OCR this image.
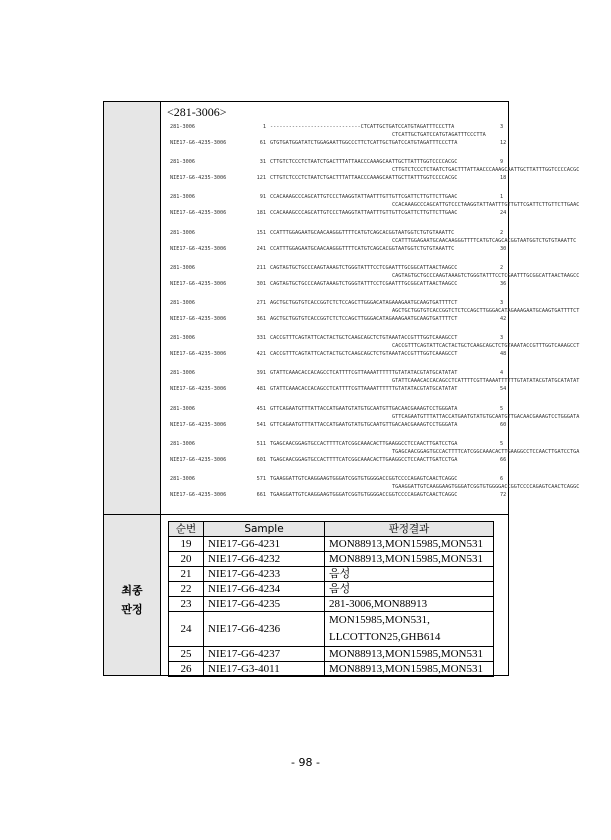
최종
판정
<281-3006>
281-3006	1 -----------------------------CTCATTGCTGATCCATGTAGATTTCCCTTA	3
CTCATTGCTGATCCATGTAGATTTCCCTTA
NIE17-G6-4235-3006	61 GTGTGATGGATATCTGGAGAATTGGCCCTTCTCATTGCTGATCCATGTAGATTTCCCTTA	12
281-3006	31 CTTGTCTCCCTCTAATCTGACTTTATTAACCCAAAGCAATTGCTTATTTGGTCCCCACGC	9
CTTGTCTCCCTCTAATCTGACTTTATTAACCCAAAGCAATTGCTTATTTGGTCCCCACGC
NIE17-G6-4235-3006	121 CTTGTCTCCCTCTAATCTGACTTTATTAACCCAAAGCAATTGCTTATTTGGTCCCCACGC	18
281-3006	91 CCACAAAGCCCAGCATTGTCCCTAAGGTATTAATTTGTTGTTCGATTCTTGTTCTTGAAC	1
CCACAAAGCCCAGCATTGTCCCTAAGGTATTAATTTGTTGTTCGATTCTTGTTCTTGAAC
NIE17-G6-4235-3006	181 CCACAAAGCCCAGCATTGTCCCTAAGGTATTAATTTGTTGTTCGATTCTTGTTCTTGAAC	24
281-3006	151 CCATTTGGAGAATGCAACAAGGGTTTTCATGTCAGCACGGTAATGGTCTGTGTAAATTC	2
CCATTTGGAGAATGCAACAAGGGTTTTCATGTCAGCACGGTAATGGTCTGTGTAAATTC
NIE17-G6-4235-3006	241 CCATTTGGAGAATGCAACAAGGGTTTTCATGTCAGCACGGTAATGGTCTGTGTAAATTC	30
281-3006	211 CAGTAGTGCTGCCCAAGTAAAGTCTGGGTATTTCCTCGAATTTGCGGCATTAACTAAGCC	2
CAGTAGTGCTGCCCAAGTAAAGTCTGGGTATTTCCTCGAATTTGCGGCATTAACTAAGCC
NIE17-G6-4235-3006	301 CAGTAGTGCTGCCCAAGTAAAGTCTGGGTATTTCCTCGAATTTGCGGCATTAACTAAGCC	36
281-3006	271 AGCTGCTGGTGTCACCGGTCTCTCCAGCTTGGGACATAGAAAGAATGCAAGTGATTTTCT	3
AGCTGCTGGTGTCACCGGTCTCTCCAGCTTGGGACATAGAAAGAATGCAAGTGATTTTCT
NIE17-G6-4235-3006	361 AGCTGCTGGTGTCACCGGTCTCTCCAGCTTGGGACATAGAAAGAATGCAAGTGATTTTCT	42
281-3006	331 CACCGTTTCAGTATTCACTACTGCTCAAGCAGCTCTGTAAATACCGTTTGGTCAAAGCCT	3
CACCGTTTCAGTATTCACTACTGCTCAAGCAGCTCTGTAAATACCGTTTGGTCAAAGCCT
NIE17-G6-4235-3006	421 CACCGTTTCAGTATTCACTACTGCTCAAGCAGCTCTGTAAATACCGTTTGGTCAAAGCCT	48
281-3006	391 GTATTCAAACACCACAGCCTCATTTTCGTTAAAATTTTTTGTATATACGTATGCATATAT	4
GTATTCAAACACCACAGCCTCATTTTCGTTAAAATTTTTTGTATATACGTATGCATATAT
NIE17-G6-4235-3006	481 GTATTCAAACACCACAGCCTCATTTTCGTTAAAATTTTTTGTATATACGTATGCATATAT	54
281-3006	451 GTTCAGAATGTTTATTACCATGAATGTATGTGCAATGTTGACAACGAAAGTCCTGGGATA	5
GTTCAGAATGTTTATTACCATGAATGTATGTGCAATGTTGACAACGAAAGTCCTGGGATA
NIE17-G6-4235-3006	541 GTTCAGAATGTTTATTACCATGAATGTATGTGCAATGTTGACAACGAAAGTCCTGGGATA	60
281-3006	511 TGAGCAACGGAGTGCCACTTTTCATCGGCAAACACTTGAAGGCCTCCAACTTGATCCTGA	5
TGAGCAACGGAGTGCCACTTTTCATCGGCAAACACTTGAAGGCCTCCAACTTGATCCTGA
NIE17-G6-4235-3006	601 TGAGCAACGGAGTGCCACTTTTCATCGGCAAACACTTGAAGGCCTCCAACTTGATCCTGA	66
281-3006	571 TGAAGGATTGTCAAGGAAGTGGGATCGGTGTGGGGACCGGTCCCCAGAGTCAACTCAGGC	6
TGAAGGATTGTCAAGGAAGTGGGATCGGTGTGGGGACCGGTCCCCAGAGTCAACTCAGGC
NIE17-G6-4235-3006	661 TGAAGGATTGTCAAGGAAGTGGGATCGGTGTGGGGACCGGTCCCCAGAGTCAACTCAGGC	72
순번	Sample	판정결과
19	NIE17-G6-4231	MON88913,MON15985,MON531
20	NIE17-G6-4232	MON88913,MON15985,MON531
21	NIE17-G6-4233	음성
22	NIE17-G6-4234	음성
23	NIE17-G6-4235	281-3006,MON88913
24	NIE17-G6-4236	MON15985,MON531,
LLCOTTON25,GHB614

25	NIE17-G6-4237	MON88913,MON15985,MON531
26	NIE17-G3-4011	MON88913,MON15985,MON531
- 98 -
